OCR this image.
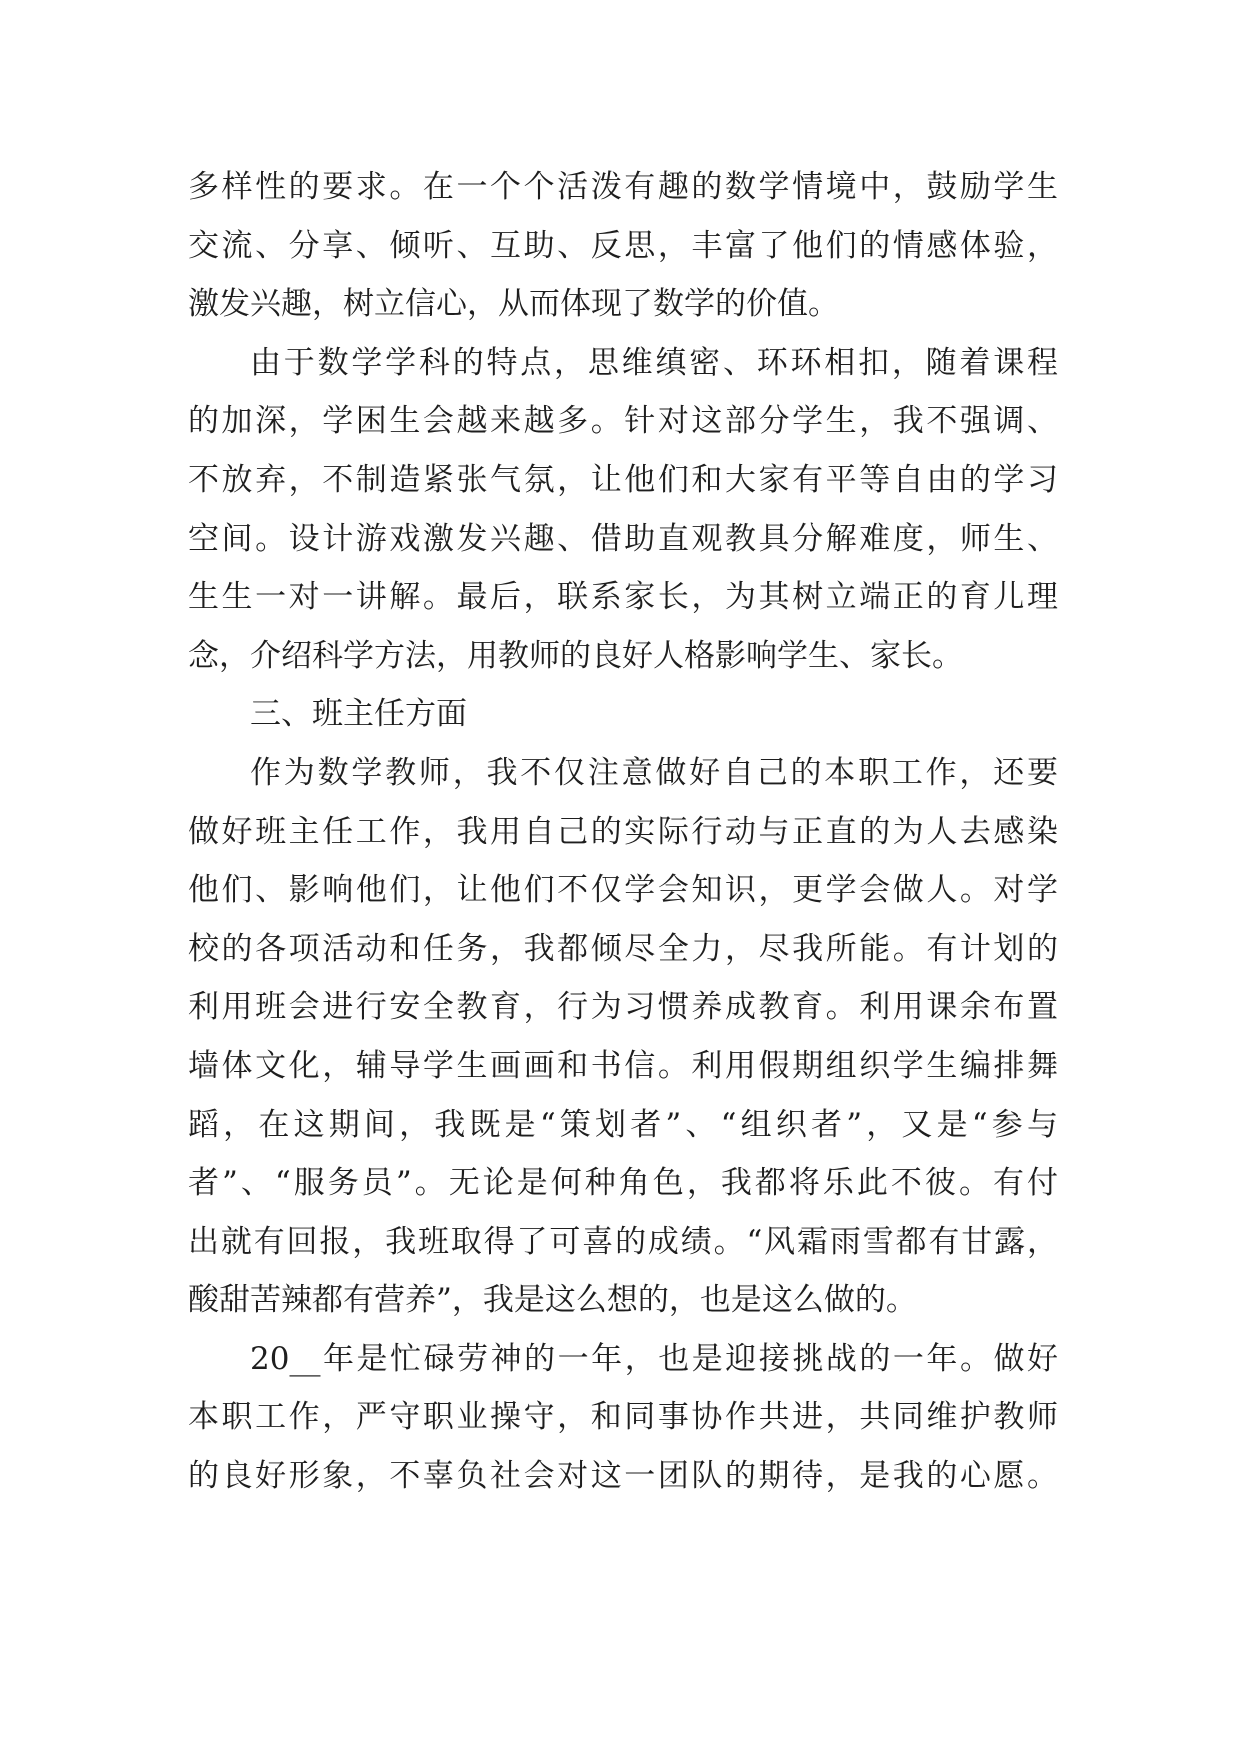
多样性的要求。在一个个活泼有趣的数学情境中，鼓励学生
交流、分享、倾听、互助、反思，丰富了他们的情感体验，
激发兴趣，树立信心，从而体现了数学的价值。
由于数学学科的特点，思维缜密、环环相扣，随着课程
的加深，学困生会越来越多。针对这部分学生，我不强调、
不放弃，不制造紧张气氛，让他们和大家有平等自由的学习
空间。设计游戏激发兴趣、借助直观教具分解难度，师生、
生生一对一讲解。最后，联系家长，为其树立端正的育儿理
念，介绍科学方法，用教师的良好人格影响学生、家长。
三、班主任方面
作为数学教师，我不仅注意做好自己的本职工作，还要
做好班主任工作，我用自己的实际行动与正直的为人去感染
他们、影响他们，让他们不仅学会知识，更学会做人。对学
校的各项活动和任务，我都倾尽全力，尽我所能。有计划的
利用班会进行安全教育，行为习惯养成教育。利用课余布置
墙体文化，辅导学生画画和书信。利用假期组织学生编排舞
蹈，在这期间，我既是“策划者”、“组织者”，又是“参与
者”、“服务员”。无论是何种角色，我都将乐此不彼。有付
出就有回报，我班取得了可喜的成绩。“风霜雨雪都有甘露，
酸甜苦辣都有营养”，我是这么想的，也是这么做的。
20__年是忙碌劳神的一年，也是迎接挑战的一年。做好
本职工作，严守职业操守，和同事协作共进，共同维护教师
的良好形象，不辜负社会对这一团队的期待，是我的心愿。
